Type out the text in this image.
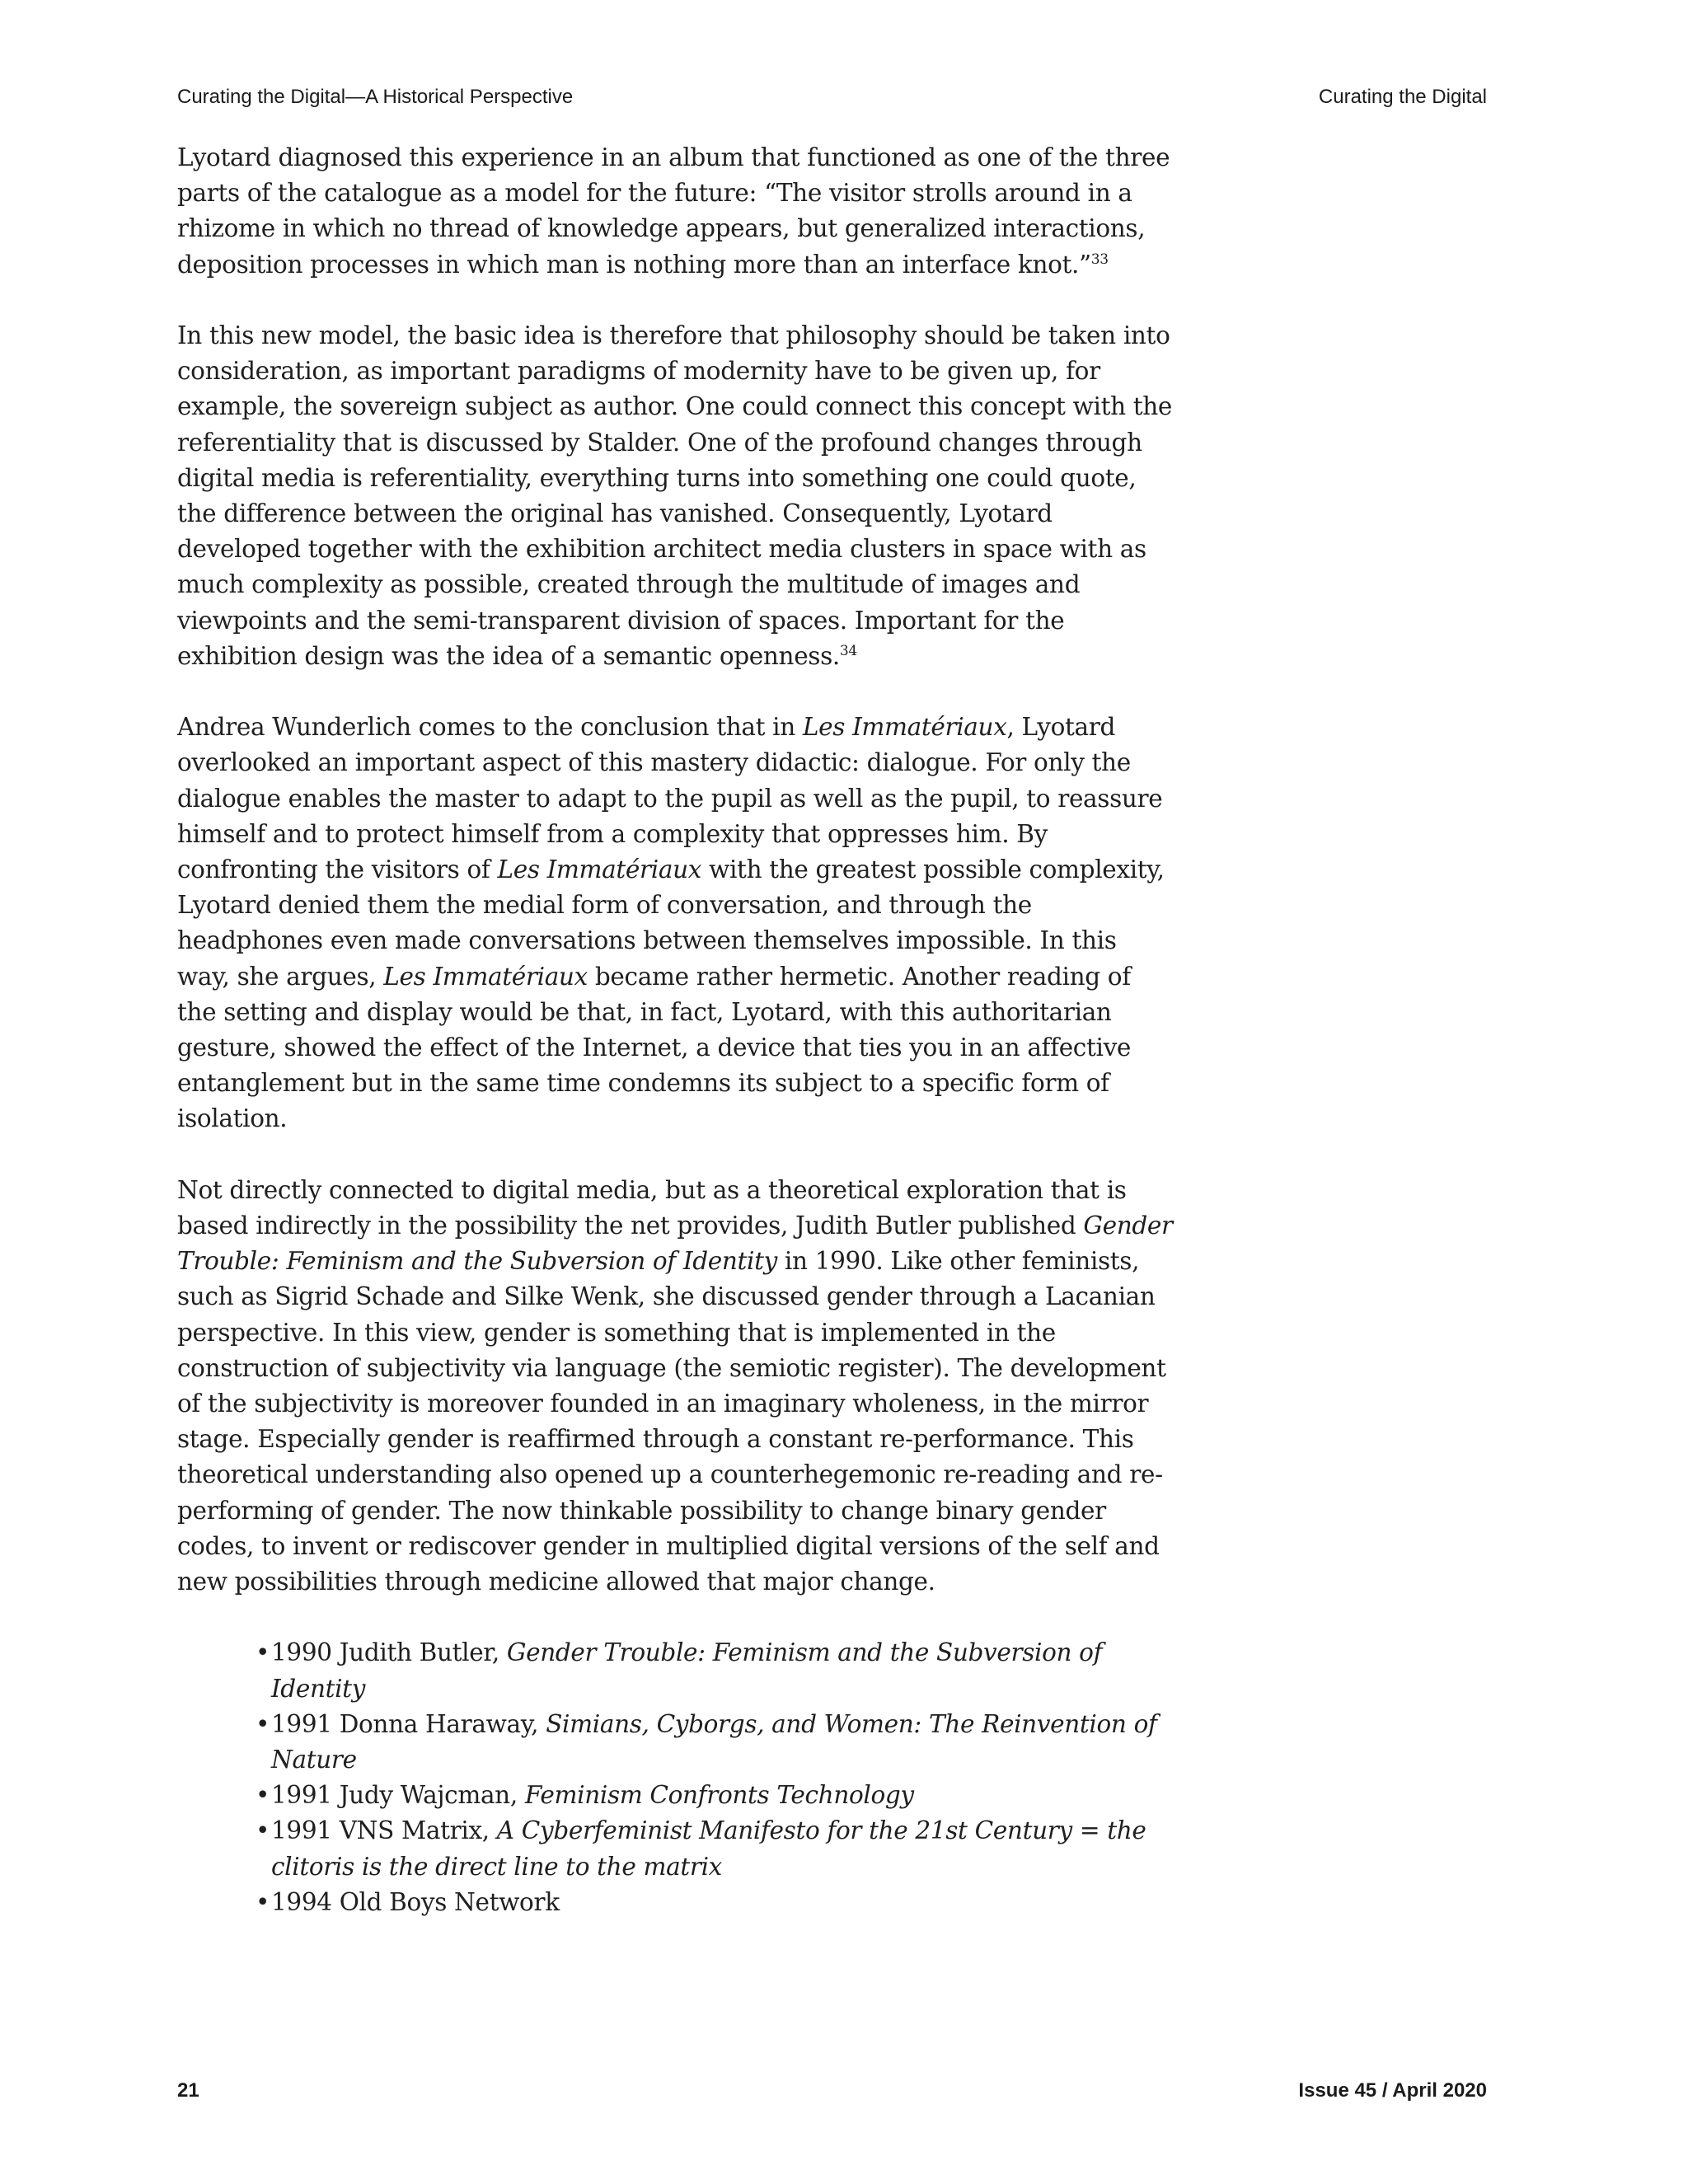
Curating the Digital—A Historical Perspective	Curating the Digital

Lyotard diagnosed this experience in an album that functioned as one of the three parts of the catalogue as a model for the future: “The visitor strolls around in a rhizome in which no thread of knowledge appears, but generalized interactions, deposition processes in which man is nothing more than an interface knot.”$^{33}$

In this new model, the basic idea is therefore that philosophy should be taken into consideration, as important paradigms of modernity have to be given up, for example, the sovereign subject as author. One could connect this concept with the referentiality that is discussed by Stalder. One of the profound changes through digital media is referentiality, everything turns into something one could quote, the difference between the original has vanished. Consequently, Lyotard developed together with the exhibition architect media clusters in space with as much complexity as possible, created through the multitude of images and viewpoints and the semi-transparent division of spaces. Important for the exhibition design was the idea of a semantic openness.$^{34}$

Andrea Wunderlich comes to the conclusion that in Les Immatériaux, Lyotard overlooked an important aspect of this mastery didactic: dialogue. For only the dialogue enables the master to adapt to the pupil as well as the pupil, to reassure himself and to protect himself from a complexity that oppresses him. By confronting the visitors of Les Immatériaux with the greatest possible complexity, Lyotard denied them the medial form of conversation, and through the headphones even made conversations between themselves impossible. In this way, she argues, Les Immatériaux became rather hermetic. Another reading of the setting and display would be that, in fact, Lyotard, with this authoritarian gesture, showed the effect of the Internet, a device that ties you in an affective entanglement but in the same time condemns its subject to a specific form of isolation.

Not directly connected to digital media, but as a theoretical exploration that is based indirectly in the possibility the net provides, Judith Butler published Gender Trouble: Feminism and the Subversion of Identity in 1990. Like other feminists, such as Sigrid Schade and Silke Wenk, she discussed gender through a Lacanian perspective. In this view, gender is something that is implemented in the construction of subjectivity via language (the semiotic register). The development of the subjectivity is moreover founded in an imaginary wholeness, in the mirror stage. Especially gender is reaffirmed through a constant re-performance. This theoretical understanding also opened up a counterhegemonic re-reading and re-performing of gender. The now thinkable possibility to change binary gender codes, to invent or rediscover gender in multiplied digital versions of the self and new possibilities through medicine allowed that major change.

• 1990 Judith Butler, Gender Trouble: Feminism and the Subversion of Identity
• 1991 Donna Haraway, Simians, Cyborgs, and Women: The Reinvention of Nature
• 1991 Judy Wajcman, Feminism Confronts Technology
• 1991 VNS Matrix, A Cyberfeminist Manifesto for the 21st Century = the clitoris is the direct line to the matrix
• 1994 Old Boys Network
21	Issue 45 / April 2020
